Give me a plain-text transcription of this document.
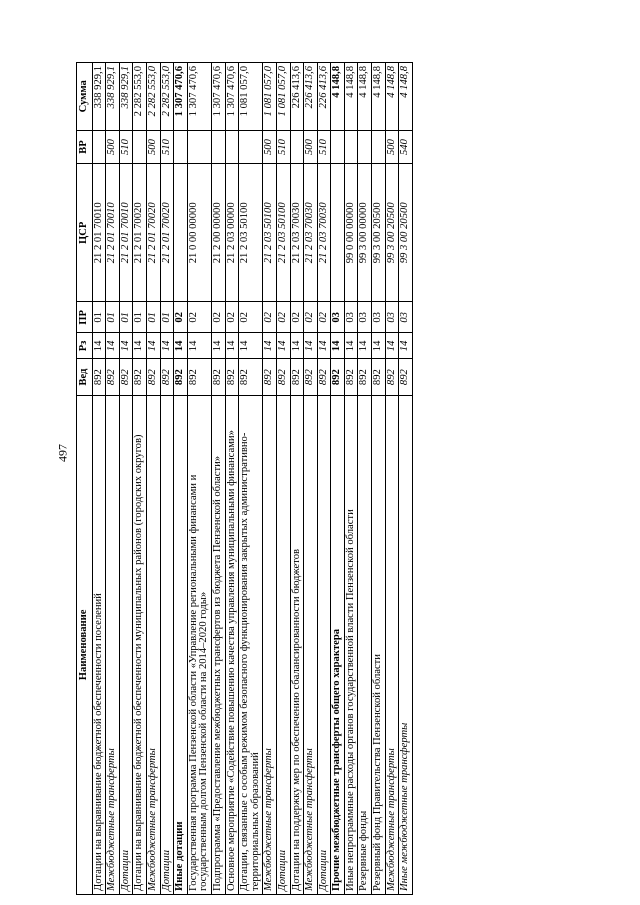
497
Наименование	Вед	Рз	ПР	ЦСР	ВР	Сумма
Дотации на выравнивание бюджетной обеспеченности поселений	892	14	01	21 2 01 70010		338 929,1
Межбюджетные трансферты	892	14	01	21 2 01 70010	500	338 929,1
Дотации	892	14	01	21 2 01 70010	510	338 929,1
Дотации на выравнивание бюджетной обеспеченности муниципальных районов (городских округов)	892	14	01	21 2 01 70020		2 282 553,0
Межбюджетные трансферты	892	14	01	21 2 01 70020	500	2 282 553,0
Дотации	892	14	01	21 2 01 70020	510	2 282 553,0
Иные дотации	892	14	02			1 307 470,6
Государственная программа Пензенской области «Управление региональными финансами и государственным долгом Пензенской области на 2014–2020 годы»	892	14	02	21 0 00 00000		1 307 470,6
Подпрограмма «Предоставление межбюджетных трансфертов из бюджета Пензенской области»	892	14	02	21 2 00 00000		1 307 470,6
Основное мероприятие «Содействие повышению качества управления муниципальными финансами»	892	14	02	21 2 03 00000		1 307 470,6
Дотации, связанные с особым режимом безопасного функционирования закрытых административно-территориальных образований	892	14	02	21 2 03 50100		1 081 057,0
Межбюджетные трансферты	892	14	02	21 2 03 50100	500	1 081 057,0
Дотации	892	14	02	21 2 03 50100	510	1 081 057,0
Дотации на поддержку мер по обеспечению сбалансированности бюджетов	892	14	02	21 2 03 70030		226 413,6
Межбюджетные трансферты	892	14	02	21 2 03 70030	500	226 413,6
Дотации	892	14	02	21 2 03 70030	510	226 413,6
Прочие межбюджетные трансферты общего характера	892	14	03			4 148,8
Иные непрограммные расходы органов государственной власти Пензенской области	892	14	03	99 0 00 00000		4 148,8
Резервные фонды	892	14	03	99 3 00 00000		4 148,8
Резервный фонд Правительства Пензенской области	892	14	03	99 3 00 20500		4 148,8
Межбюджетные трансферты	892	14	03	99 3 00 20500	500	4 148,8
Иные межбюджетные трансферты	892	14	03	99 3 00 20500	540	4 148,8
